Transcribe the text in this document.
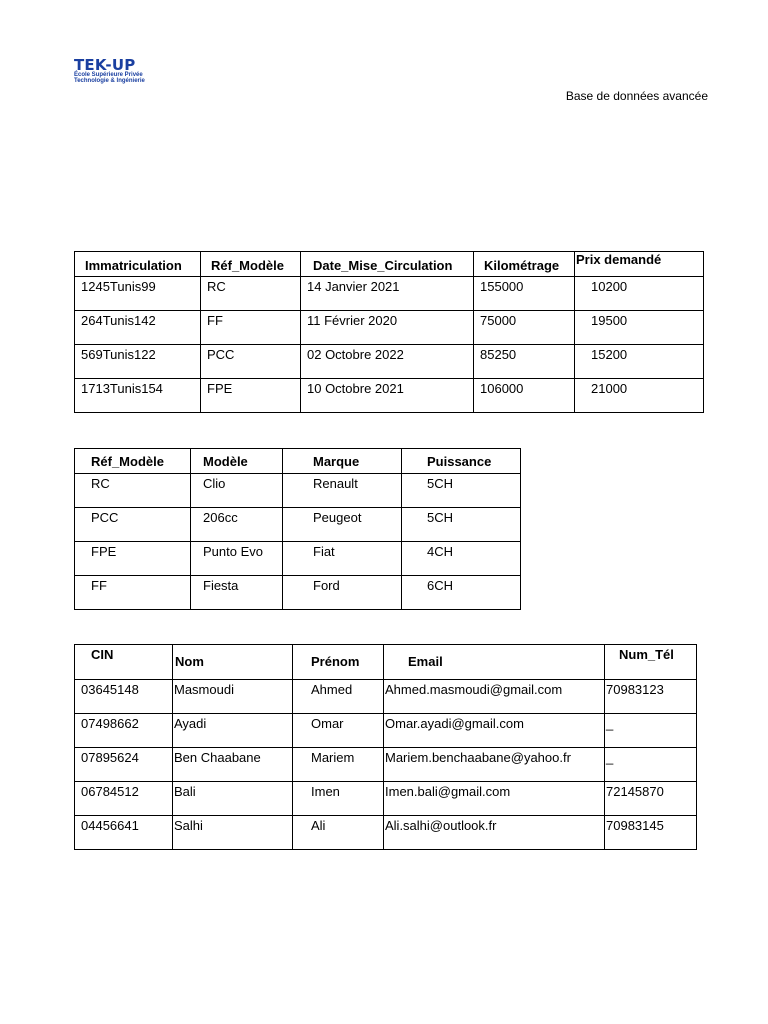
TEK-UP
École Supérieure Privée
Technologie & Ingénierie
Base de données avancée
Immatriculation	Réf_Modèle	Date_Mise_Circulation	Kilométrage	Prix demandé
1245Tunis99	RC	14 Janvier 2021	155000	10200
264Tunis142	FF	11 Février 2020	75000	19500
569Tunis122	PCC	02 Octobre 2022	85250	15200
1713Tunis154	FPE	10 Octobre 2021	106000	21000
Réf_Modèle	Modèle	Marque	Puissance
RC	Clio	Renault	5CH
PCC	206cc	Peugeot	5CH
FPE	Punto Evo	Fiat	4CH
FF	Fiesta	Ford	6CH
CIN	Nom	Prénom	Email	Num_Tél
03645148	Masmoudi	Ahmed	Ahmed.masmoudi@gmail.com	70983123
07498662	Ayadi	Omar	Omar.ayadi@gmail.com	_
07895624	Ben Chaabane	Mariem	Mariem.benchaabane@yahoo.fr	_
06784512	Bali	Imen	Imen.bali@gmail.com	72145870
04456641	Salhi	Ali	Ali.salhi@outlook.fr	70983145
